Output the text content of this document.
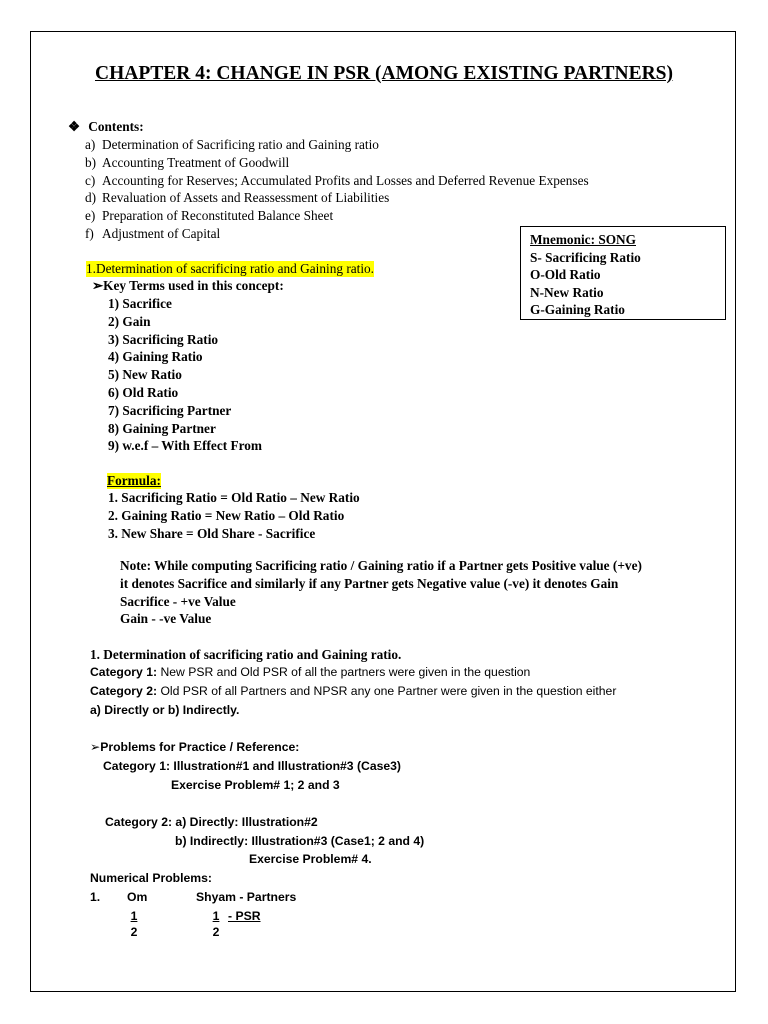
CHAPTER 4: CHANGE IN PSR (AMONG EXISTING PARTNERS)
❖ Contents:
a) Determination of Sacrificing ratio and Gaining ratio
b) Accounting Treatment of Goodwill
c) Accounting for Reserves; Accumulated Profits and Losses and Deferred Revenue Expenses
d) Revaluation of Assets and Reassessment of Liabilities
e) Preparation of Reconstituted Balance Sheet
f) Adjustment of Capital	Mnemonic: SONG
S- Sacrificing Ratio
O-Old Ratio
N-New Ratio
G-Gaining Ratio
1.Determination of sacrificing ratio and Gaining ratio.
➢Key Terms used in this concept:
1) Sacrifice
2) Gain
3) Sacrificing Ratio
4) Gaining Ratio
5) New Ratio
6) Old Ratio
7) Sacrificing Partner
8) Gaining Partner
9) w.e.f – With Effect From
Formula:
1. Sacrificing Ratio = Old Ratio – New Ratio
2. Gaining Ratio = New Ratio – Old Ratio
3. New Share = Old Share - Sacrifice
Note: While computing Sacrificing ratio / Gaining ratio if a Partner gets Positive value (+ve)
it denotes Sacrifice and similarly if any Partner gets Negative value (-ve) it denotes Gain
Sacrifice - +ve Value
Gain - -ve Value
1. Determination of sacrificing ratio and Gaining ratio.
Category 1: New PSR and Old PSR of all the partners were given in the question
Category 2: Old PSR of all Partners and NPSR any one Partner were given in the question either
a) Directly or b) Indirectly.
➢Problems for Practice / Reference:
Category 1: Illustration#1 and Illustration#3 (Case3)
Exercise Problem# 1; 2 and 3
Category 2: a) Directly: Illustration#2
b) Indirectly: Illustration#3 (Case1; 2 and 4)
Exercise Problem# 4.
Numerical Problems:
1. Om	Shyam - Partners
$\frac{1}{2}$	$\frac{1}{2}$ - PSR
